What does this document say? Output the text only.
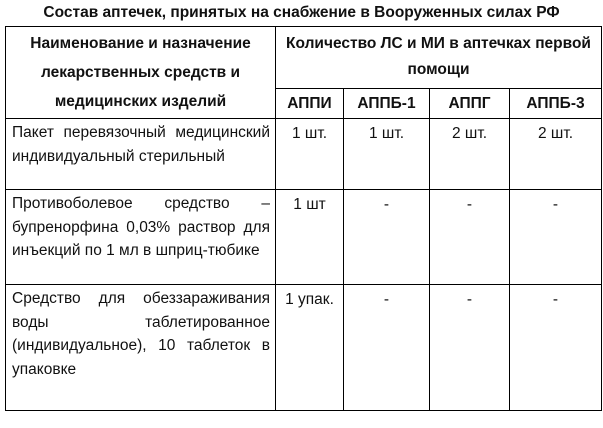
Состав аптечек, принятых на снабжение в Вооруженных силах РФ
Наименование и назначение лекарственных средств и медицинских изделий	Количество ЛС и МИ в аптечках первой помощи			
	АППИ	АППБ-1	АППГ	АППБ-3
Пакет перевязочный медицинский индивидуальный стерильный	1 шт.	1 шт.	2 шт.	2 шт.
Противоболевое средство – бупренорфина 0,03% раствор для инъекций по 1 мл в шприц-тюбике	1 шт	-	-	-
Средство для обеззараживания воды таблетированное (индивидуальное), 10 таблеток в упаковке	1 упак.	-	-	-
